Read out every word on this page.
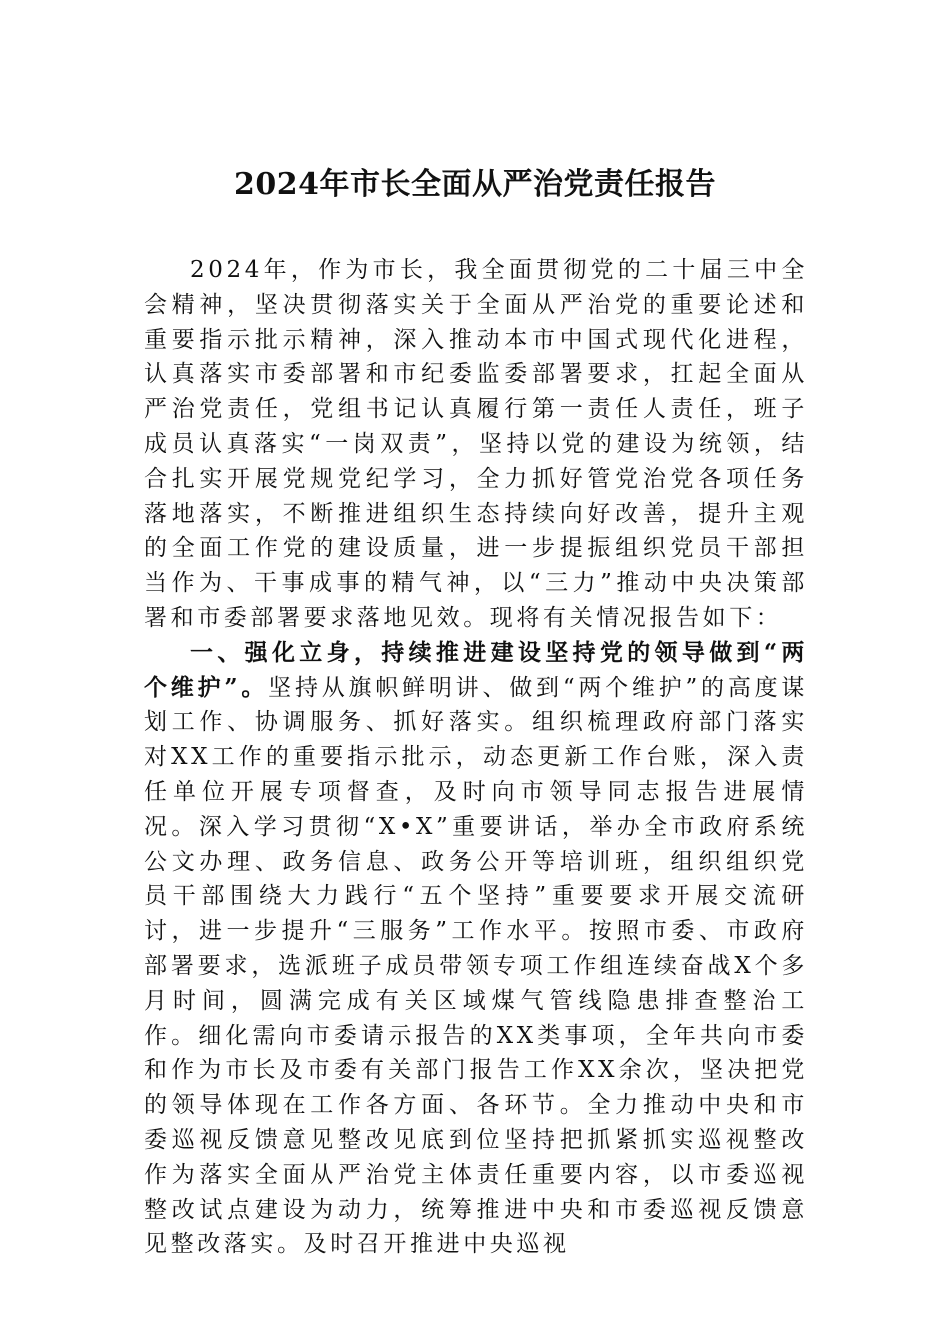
2024年市长全面从严治党责任报告

2024年，作为市长，我全面贯彻党的二十届三中全会精神，坚决贯彻落实关于全面从严治党的重要论述和重要指示批示精神，深入推动本市中国式现代化进程，认真落实市委部署和市纪委监委部署要求，扛起全面从严治党责任，党组书记认真履行第一责任人责任，班子成员认真落实“一岗双责”，坚持以党的建设为统领，结合扎实开展党规党纪学习，全力抓好管党治党各项任务落地落实，不断推进组织生态持续向好改善，提升主观的全面工作党的建设质量，进一步提振组织党员干部担当作为、干事成事的精气神，以“三力”推动中央决策部署和市委部署要求落地见效。现将有关情况报告如下：

一、强化立身，持续推进建设坚持党的领导做到“两个维护”。坚持从旗帜鲜明讲、做到“两个维护”的高度谋划工作、协调服务、抓好落实。组织梳理政府部门落实对XX工作的重要指示批示，动态更新工作台账，深入责任单位开展专项督查，及时向市领导同志报告进展情况。深入学习贯彻“X•X”重要讲话，举办全市政府系统公文办理、政务信息、政务公开等培训班，组织组织党员干部围绕大力践行“五个坚持”重要要求开展交流研讨，进一步提升“三服务”工作水平。按照市委、市政府部署要求，选派班子成员带领专项工作组连续奋战X个多月时间，圆满完成有关区域煤气管线隐患排查整治工作。细化需向市委请示报告的XX类事项，全年共向市委和作为市长及市委有关部门报告工作XX余次，坚决把党的领导体现在工作各方面、各环节。全力推动中央和市委巡视反馈意见整改见底到位坚持把抓紧抓实巡视整改作为落实全面从严治党主体责任重要内容，以市委巡视整改试点建设为动力，统筹推进中央和市委巡视反馈意见整改落实。及时召开推进中央巡视
